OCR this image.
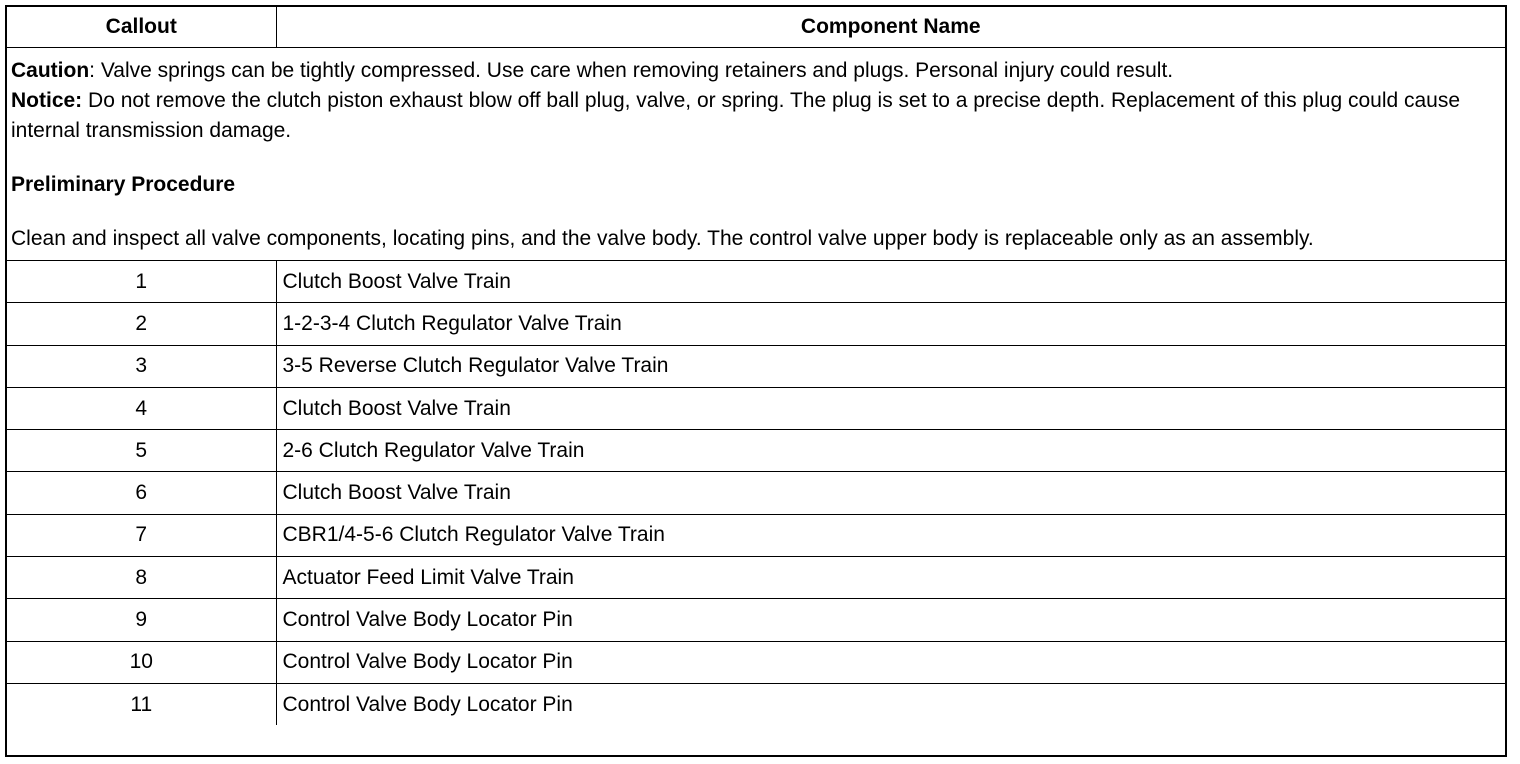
Callout	Component Name

Caution: Valve springs can be tightly compressed. Use care when removing retainers and plugs. Personal injury could result.

Notice: Do not remove the clutch piston exhaust blow off ball plug, valve, or spring. The plug is set to a precise depth. Replacement of this plug could cause internal transmission damage.

Preliminary Procedure

Clean and inspect all valve components, locating pins, and the valve body. The control valve upper body is replaceable only as an assembly.	

1	Clutch Boost Valve Train
2	1-2-3-4 Clutch Regulator Valve Train
3	3-5 Reverse Clutch Regulator Valve Train
4	Clutch Boost Valve Train
5	2-6 Clutch Regulator Valve Train
6	Clutch Boost Valve Train
7	CBR1/4-5-6 Clutch Regulator Valve Train
8	Actuator Feed Limit Valve Train
9	Control Valve Body Locator Pin
10	Control Valve Body Locator Pin
11	Control Valve Body Locator Pin
